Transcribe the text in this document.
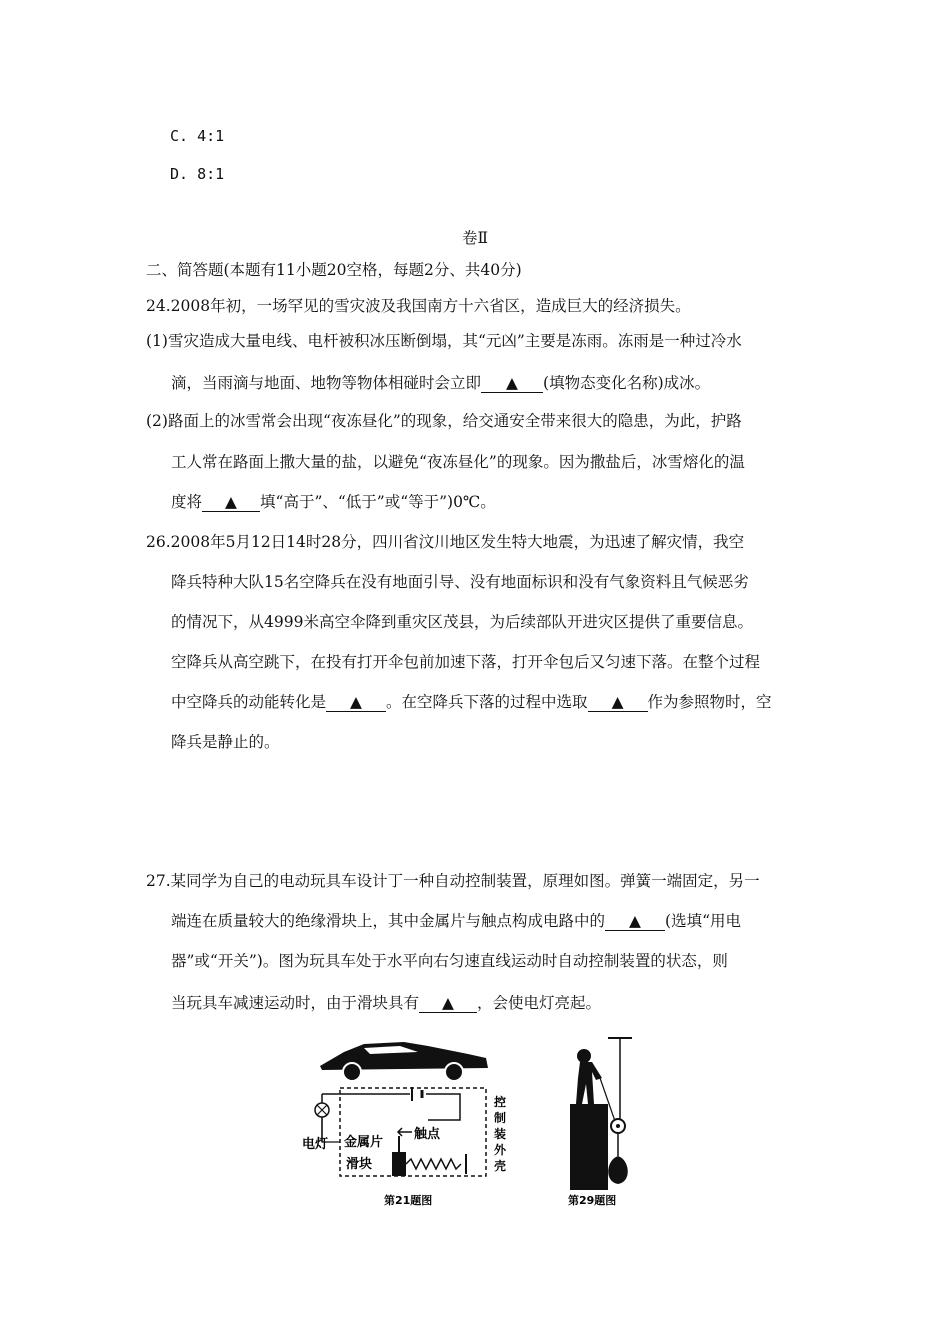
C. 4:1
D. 8:1
卷Ⅱ
二、简答题(本题有11小题20空格，每题2分、共40分)
24.2008年初，一场罕见的雪灾波及我国南方十六省区，造成巨大的经济损失。
(1)雪灾造成大量电线、电杆被积冰压断倒塌，其“元凶”主要是冻雨。冻雨是一种过冷水
滴，当雨滴与地面、地物等物体相碰时会立即 ▲ (填物态变化名称)成冰。
(2)路面上的冰雪常会出现“夜冻昼化”的现象，给交通安全带来很大的隐患，为此，护路
工人常在路面上撒大量的盐，以避免“夜冻昼化”的现象。因为撒盐后，冰雪熔化的温
度将 ▲ 填“高于”、“低于”或“等于”)0℃。
26.2008年5月12日14时28分，四川省汶川地区发生特大地震，为迅速了解灾情，我空
降兵特种大队15名空降兵在没有地面引导、没有地面标识和没有气象资料且气候恶劣
的情况下，从4999米高空伞降到重灾区茂县，为后续部队开进灾区提供了重要信息。
空降兵从高空跳下，在投有打开伞包前加速下落，打开伞包后又匀速下落。在整个过程
中空降兵的动能转化是 ▲ 。在空降兵下落的过程中选取 ▲ 作为参照物时，空
降兵是静止的。
27.某同学为自己的电动玩具车设计丁一种自动控制装置，原理如图。弹簧一端固定，另一
端连在质量较大的绝缘滑块上，其中金属片与触点构成电路中的 ▲ (选填“用电
器”或“开关”)。图为玩具车处于水平向右匀速直线运动时自动控制装置的状态，则
当玩具车减速运动时，由于滑块具有 ▲ ，会使电灯亮起。
电灯 金属片
触点
滑块
控
制
装
外
壳
第21题图	第29题图
